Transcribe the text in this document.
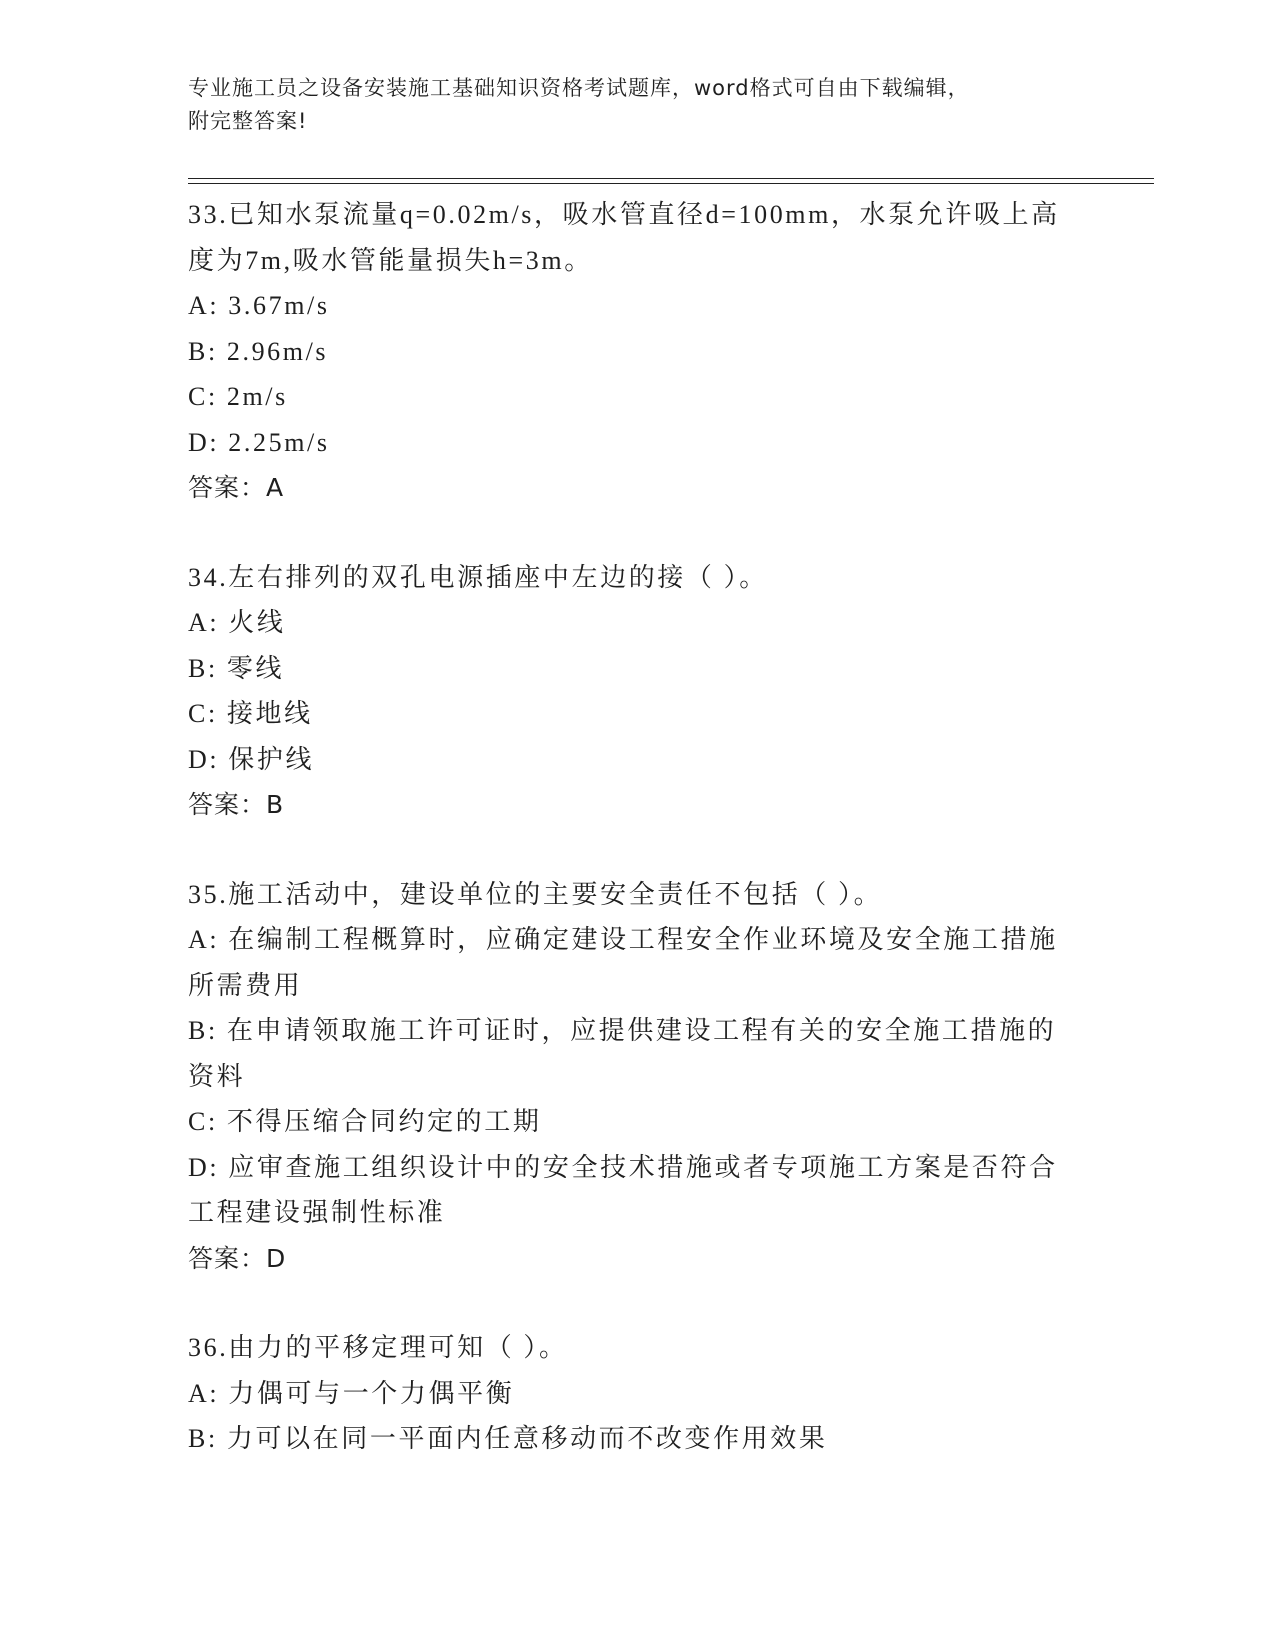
专业施工员之设备安装施工基础知识资格考试题库，word格式可自由下载编辑，
附完整答案!
33.已知水泵流量q=0.02m/s，吸水管直径d=100mm，水泵允许吸上高
度为7m,吸水管能量损失h=3m。
A: 3.67m/s
B: 2.96m/s
C: 2m/s
D: 2.25m/s
答案：A
34.左右排列的双孔电源插座中左边的接（ ）。
A: 火线
B: 零线
C: 接地线
D: 保护线
答案：B
35.施工活动中，建设单位的主要安全责任不包括（ ）。
A: 在编制工程概算时，应确定建设工程安全作业环境及安全施工措施
所需费用
B: 在申请领取施工许可证时，应提供建设工程有关的安全施工措施的
资料
C: 不得压缩合同约定的工期
D: 应审查施工组织设计中的安全技术措施或者专项施工方案是否符合
工程建设强制性标准
答案：D
36.由力的平移定理可知（ ）。
A: 力偶可与一个力偶平衡
B: 力可以在同一平面内任意移动而不改变作用效果
